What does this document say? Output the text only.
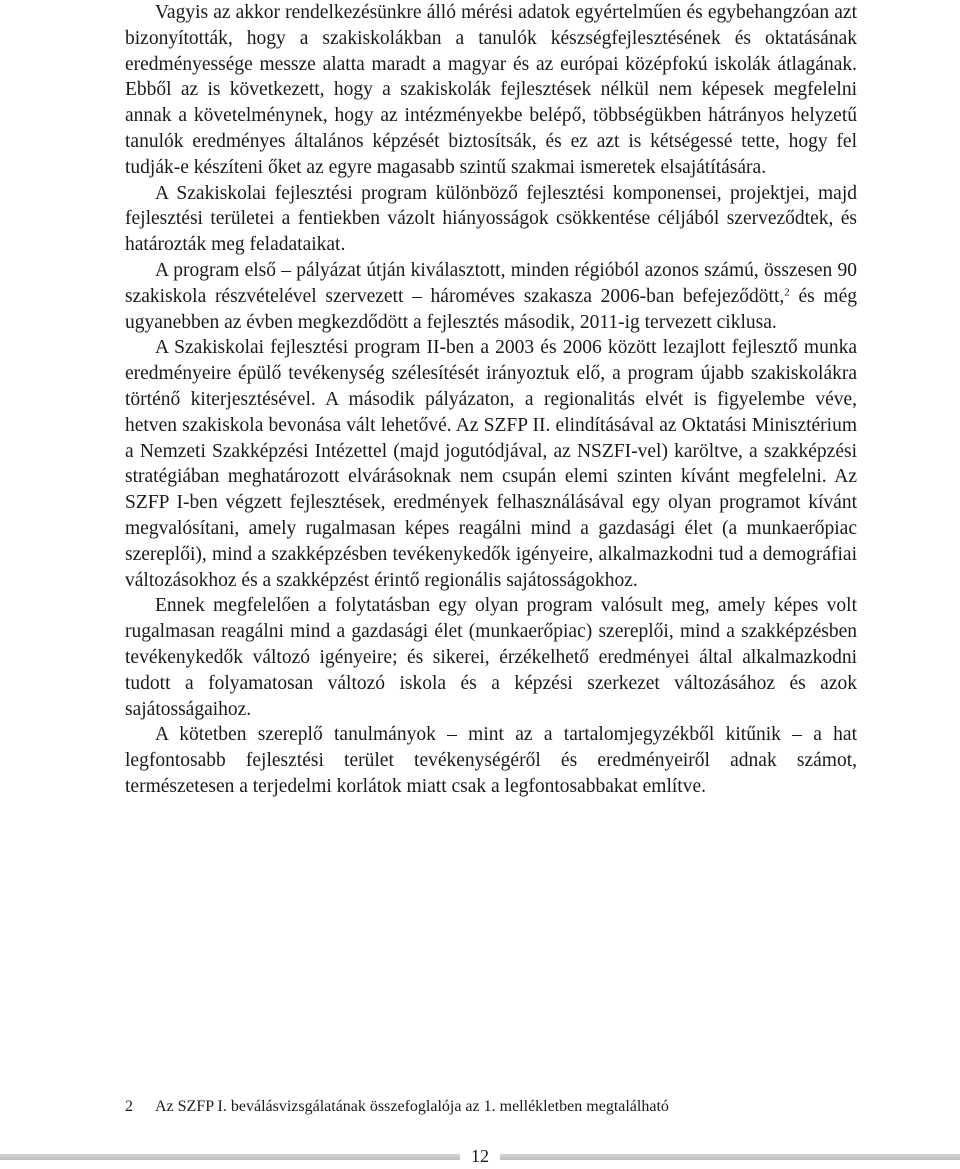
Vagyis az akkor rendelkezésünkre álló mérési adatok egyértelműen és egybehangzóan azt bizonyították, hogy a szakiskolákban a tanulók készségfejlesztésének és oktatásának eredményessége messze alatta maradt a magyar és az európai középfokú iskolák átlagának. Ebből az is következett, hogy a szakiskolák fejlesztések nélkül nem képesek megfelelni annak a követelménynek, hogy az intézményekbe belépő, többségükben hátrányos helyzetű tanulók eredményes általános képzését biztosítsák, és ez azt is kétségessé tette, hogy fel tudják-e készíteni őket az egyre magasabb szintű szakmai ismeretek elsajátítására.

A Szakiskolai fejlesztési program különböző fejlesztési komponensei, projektjei, majd fejlesztési területei a fentiekben vázolt hiányosságok csökkentése céljából szerveződtek, és határozták meg feladataikat.

A program első – pályázat útján kiválasztott, minden régióból azonos számú, összesen 90 szakiskola részvételével szervezett – hároméves szakasza 2006-ban befejeződött,$^2$ és még ugyanebben az évben megkezdődött a fejlesztés második, 2011-ig tervezett ciklusa.

A Szakiskolai fejlesztési program II-ben a 2003 és 2006 között lezajlott fejlesztő munka eredményeire épülő tevékenység szélesítését irányoztuk elő, a program újabb szakiskolákra történő kiterjesztésével. A második pályázaton, a regionalitás elvét is figyelembe véve, hetven szakiskola bevonása vált lehetővé. Az SZFP II. elindításával az Oktatási Minisztérium a Nemzeti Szakképzési Intézettel (majd jogutódjával, az NSZFI-vel) karöltve, a szakképzési stratégiában meghatározott elvárásoknak nem csupán elemi szinten kívánt megfelelni. Az SZFP I-ben végzett fejlesztések, eredmények felhasználásával egy olyan programot kívánt megvalósítani, amely rugalmasan képes reagálni mind a gazdasági élet (a munkaerőpiac szereplői), mind a szakképzésben tevékenykedők igényeire, alkalmazkodni tud a demográfiai változásokhoz és a szakképzést érintő regionális sajátosságokhoz.

Ennek megfelelően a folytatásban egy olyan program valósult meg, amely képes volt rugalmasan reagálni mind a gazdasági élet (munkaerőpiac) szereplői, mind a szakképzésben tevékenykedők változó igényeire; és sikerei, érzékelhető eredményei által alkalmazkodni tudott a folyamatosan változó iskola és a képzési szerkezet változásához és azok sajátosságaihoz.

A kötetben szereplő tanulmányok – mint az a tartalomjegyzékből kitűnik – a hat legfontosabb fejlesztési terület tevékenységéről és eredményeiről adnak számot, természetesen a terjedelmi korlátok miatt csak a legfontosabbakat említve.

2 Az SZFP I. beválásvizsgálatának összefoglalója az 1. mellékletben megtalálható
12
